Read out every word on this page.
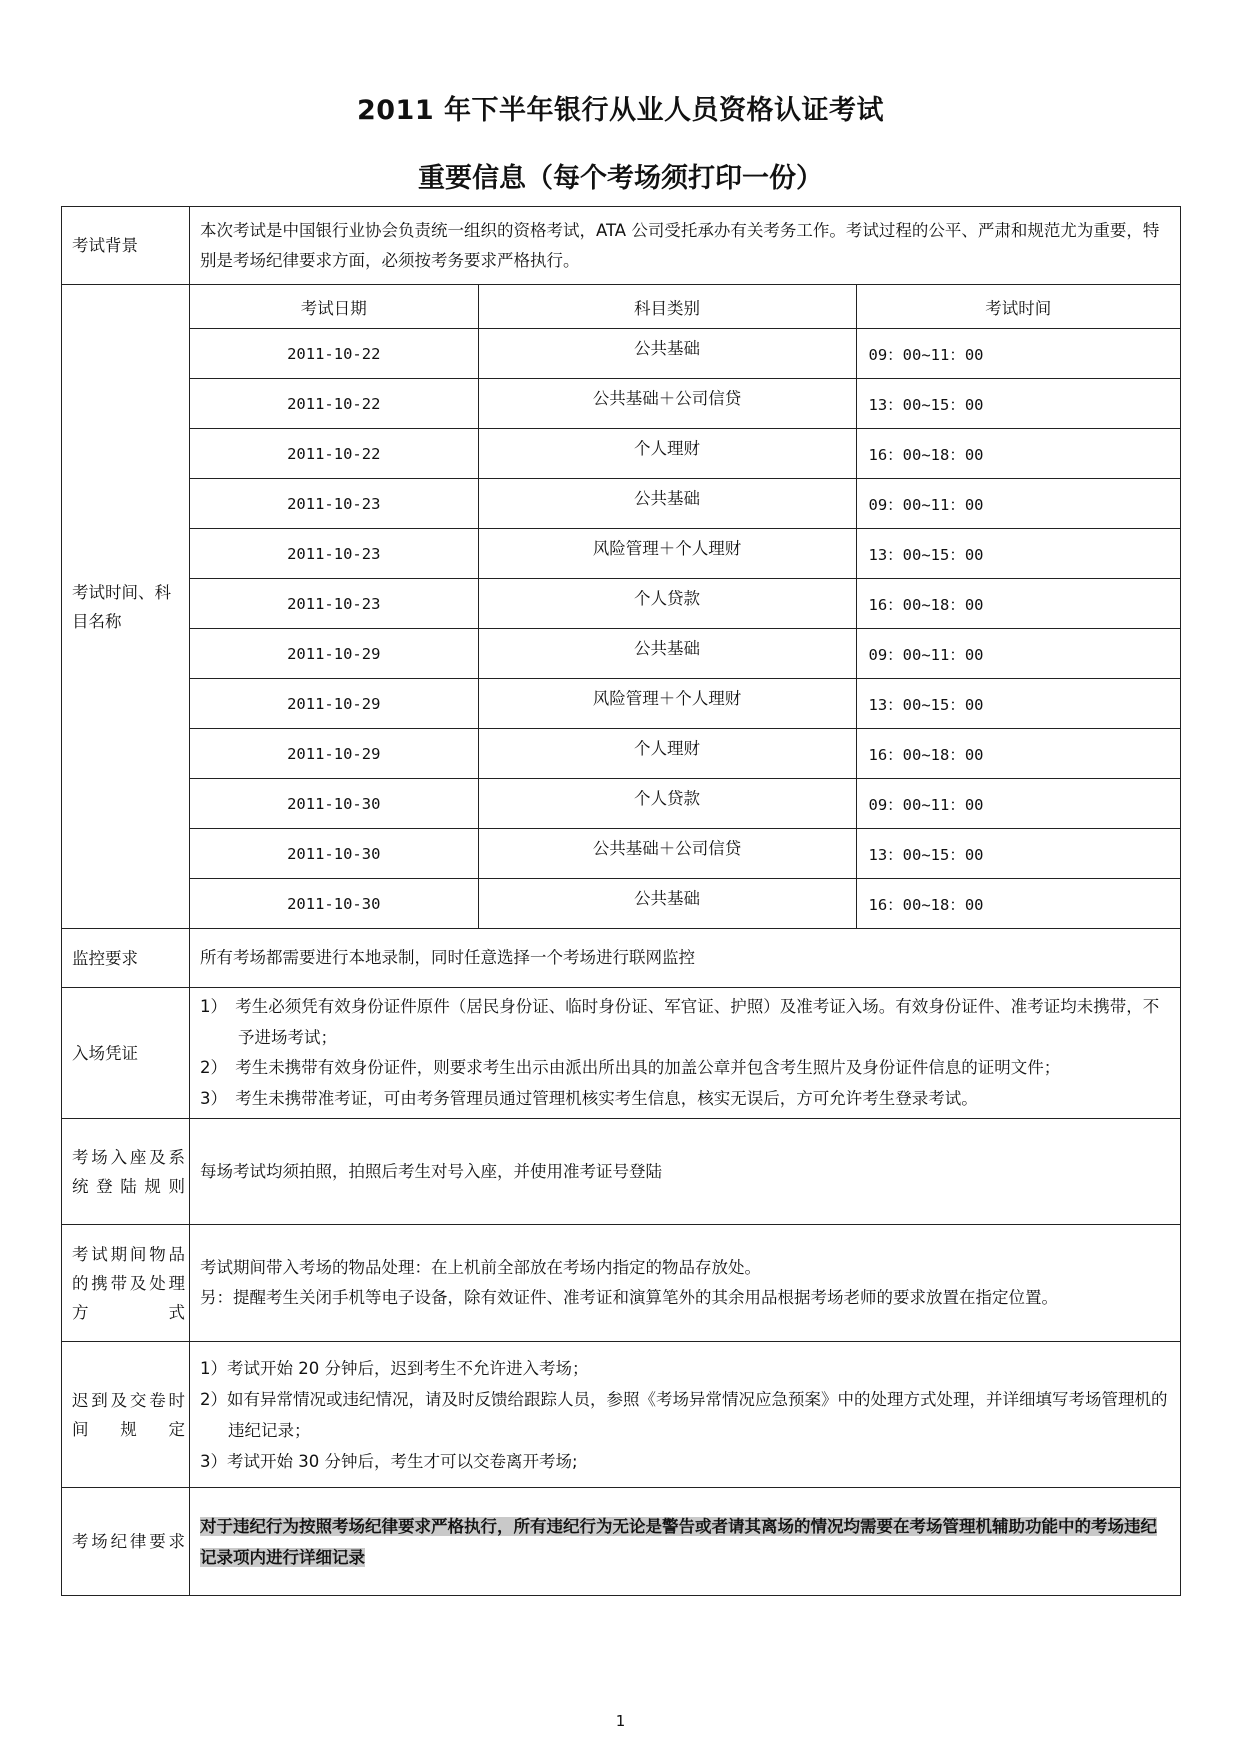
2011 年下半年银行从业人员资格认证考试
重要信息（每个考场须打印一份）
考试背景	本次考试是中国银行业协会负责统一组织的资格考试，ATA 公司受托承办有关考务工作。考试过程的公平、严肃和规范尤为重要，特别是考场纪律要求方面，必须按考务要求严格执行。
考试时间、科目名称	
考试日期	科目类别	考试时间
2011-10-22	公共基础	09：00~11：00
2011-10-22	公共基础＋公司信贷	13：00~15：00
2011-10-22	个人理财	16：00~18：00
2011-10-23	公共基础	09：00~11：00
2011-10-23	风险管理＋个人理财	13：00~15：00
2011-10-23	个人贷款	16：00~18：00
2011-10-29	公共基础	09：00~11：00
2011-10-29	风险管理＋个人理财	13：00~15：00
2011-10-29	个人理财	16：00~18：00
2011-10-30	个人贷款	09：00~11：00
2011-10-30	公共基础＋公司信贷	13：00~15：00
2011-10-30	公共基础	16：00~18：00

监控要求	所有考场都需要进行本地录制，同时任意选择一个考场进行联网监控
入场凭证	
1）　考生必须凭有效身份证件原件（居民身份证、临时身份证、军官证、护照）及准考证入场。有效身份证件、准考证均未携带，不予进场考试；
2）　考生未携带有效身份证件，则要求考生出示由派出所出具的加盖公章并包含考生照片及身份证件信息的证明文件；
3）　考生未携带准考证，可由考务管理员通过管理机核实考生信息，核实无误后，方可允许考生登录考试。

考场入座及系统登陆规则	每场考试均须拍照，拍照后考生对号入座，并使用准考证号登陆
考试期间物品的携带及处理方式	
考试期间带入考场的物品处理：在上机前全部放在考场内指定的物品存放处。
另：提醒考生关闭手机等电子设备，除有效证件、准考证和演算笔外的其余用品根据考场老师的要求放置在指定位置。

迟到及交卷时间规定	
1）考试开始 20 分钟后，迟到考生不允许进入考场；
2）如有异常情况或违纪情况，请及时反馈给跟踪人员，参照《考场异常情况应急预案》中的处理方式处理，并详细填写考场管理机的违纪记录；
3）考试开始 30 分钟后，考生才可以交卷离开考场;

考场纪律要求	对于违纪行为按照考场纪律要求严格执行，所有违纪行为无论是警告或者请其离场的情况均需要在考场管理机辅助功能中的考场违纪记录项内进行详细记录
1
